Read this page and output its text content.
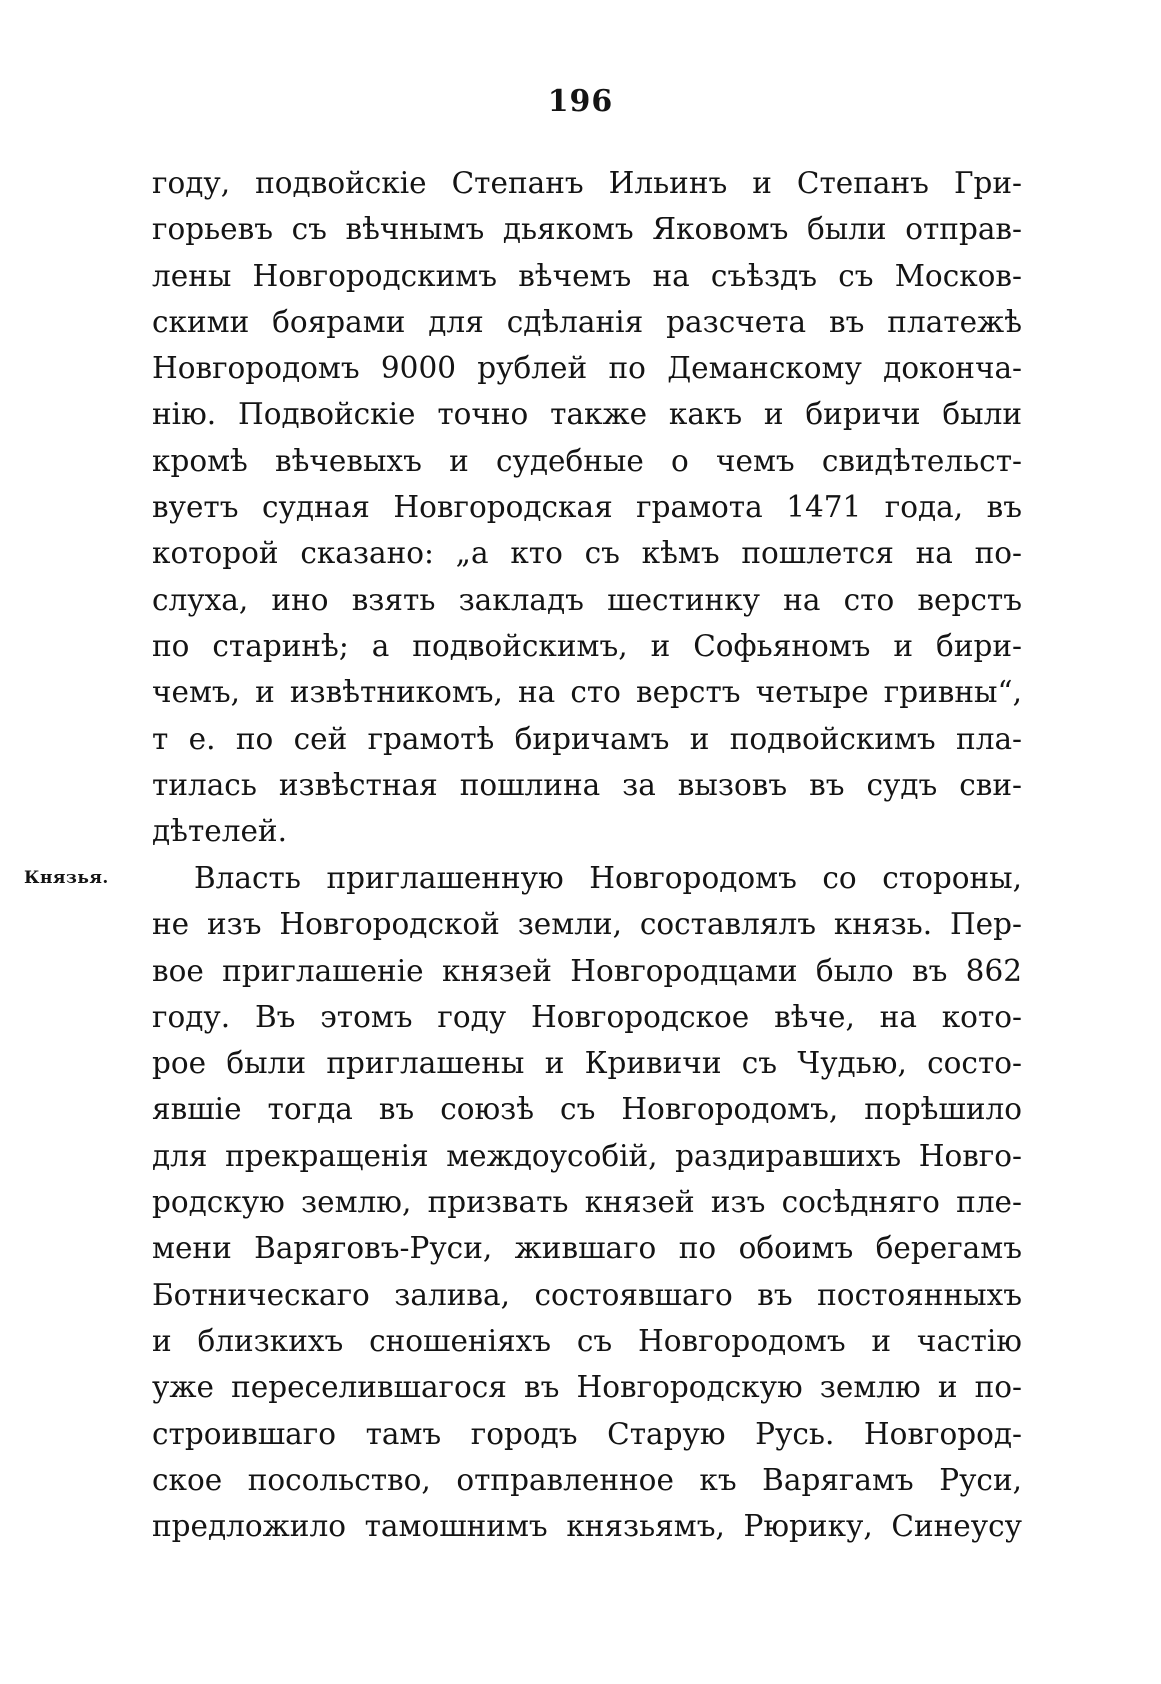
196
Князья.
году, подвойскіе Степанъ Ильинъ и Степанъ Гри-
горьевъ съ вѣчнымъ дьякомъ Яковомъ были отправ-
лены Новгородскимъ вѣчемъ на съѣздъ съ Москов-
скими боярами для сдѣланія разсчета въ платежѣ
Новгородомъ 9000 рублей по Деманскому доконча-
нію. Подвойскіе точно также какъ и биричи были
кромѣ вѣчевыхъ и судебные о чемъ свидѣтельст-
вуетъ судная Новгородская грамота 1471 года, въ
которой сказано: „а кто съ кѣмъ пошлется на по-
слуха, ино взять закладъ шестинку на сто верстъ
по старинѣ; а подвойскимъ, и Софьяномъ и бири-
чемъ, и извѣтникомъ, на сто верстъ четыре гривны“,
т е. по сей грамотѣ биричамъ и подвойскимъ пла-
тилась извѣстная пошлина за вызовъ въ судъ сви-
дѣтелей.
Власть приглашенную Новгородомъ со стороны,
не изъ Новгородской земли, составлялъ князь. Пер-
вое приглашеніе князей Новгородцами было въ 862
году. Въ этомъ году Новгородское вѣче, на кото-
рое были приглашены и Кривичи съ Чудью, состо-
явшіе тогда въ союзѣ съ Новгородомъ, порѣшило
для прекращенія междоусобій, раздиравшихъ Новго-
родскую землю, призвать князей изъ сосѣдняго пле-
мени Варяговъ-Руси, жившаго по обоимъ берегамъ
Ботническаго залива, состоявшаго въ постоянныхъ
и близкихъ сношеніяхъ съ Новгородомъ и частію
уже переселившагося въ Новгородскую землю и по-
строившаго тамъ городъ Старую Русь. Новгород-
ское посольство, отправленное къ Варягамъ Руси,
предложило тамошнимъ князьямъ, Рюрику, Синеусу
